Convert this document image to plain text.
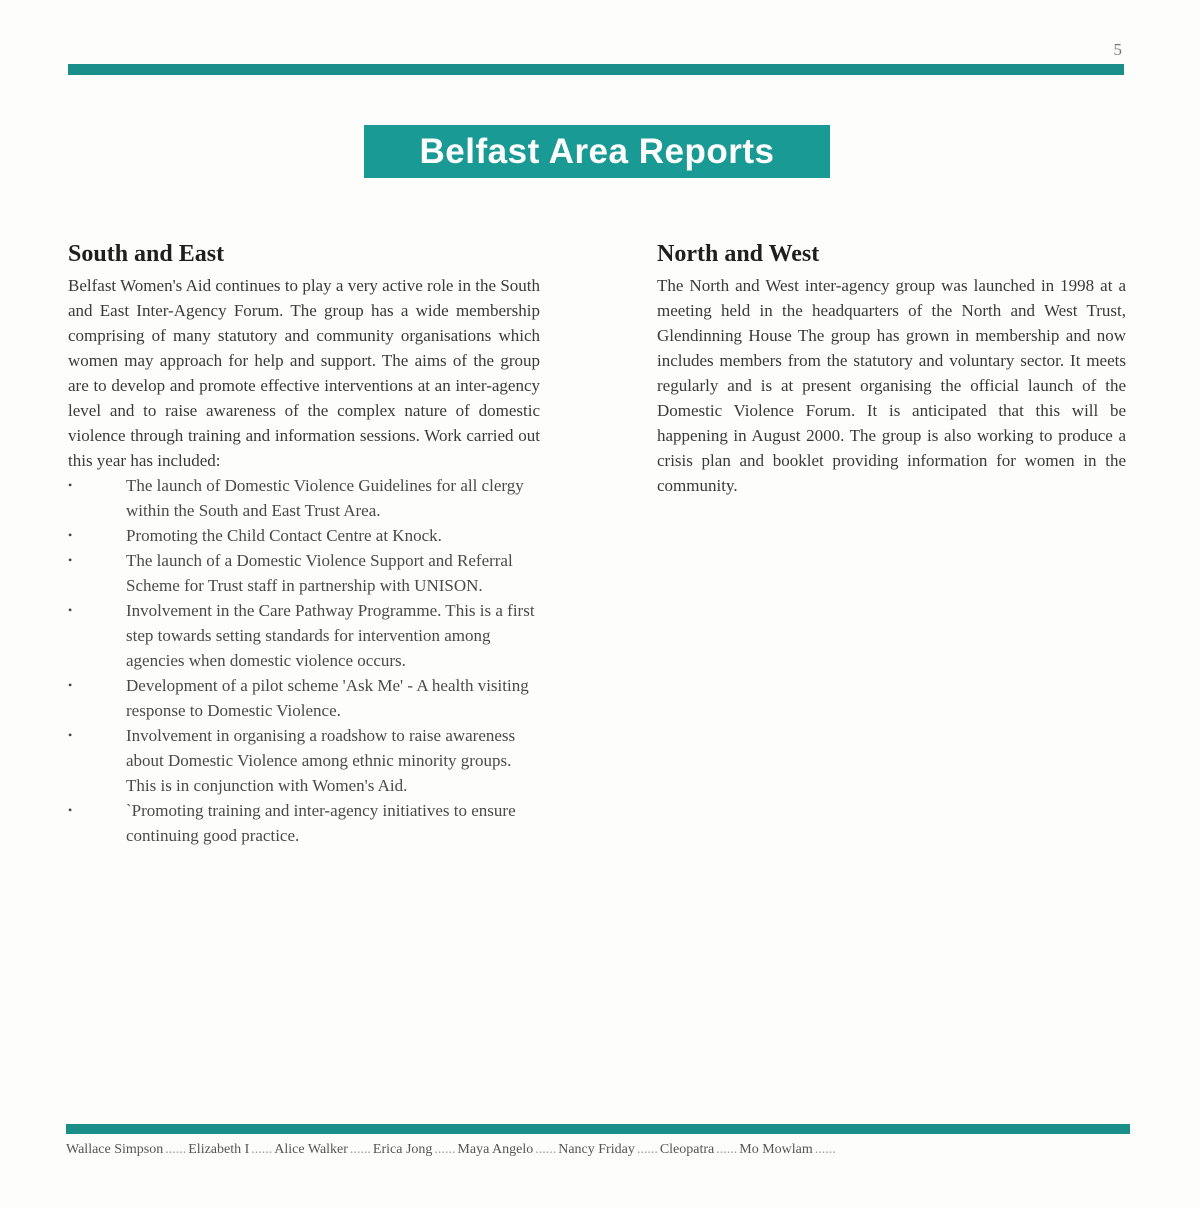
5
Belfast Area Reports
South and East

Belfast Women's Aid continues to play a very active role in the South and East Inter-Agency Forum. The group has a wide membership comprising of many statutory and community organisations which women may approach for help and support. The aims of the group are to develop and promote effective interventions at an inter-agency level and to raise awareness of the complex nature of domestic violence through training and information sessions. Work carried out this year has included:

•	The launch of Domestic Violence Guidelines for all clergy within the South and East Trust Area.
•	Promoting the Child Contact Centre at Knock.
•	The launch of a Domestic Violence Support and Referral Scheme for Trust staff in partnership with UNISON.
•	Involvement in the Care Pathway Programme. This is a first step towards setting standards for intervention among agencies when domestic violence occurs.
•	Development of a pilot scheme 'Ask Me' - A health visiting response to Domestic Violence.
•	Involvement in organising a roadshow to raise awareness about Domestic Violence among ethnic minority groups. This is in conjunction with Women's Aid.
•	`Promoting training and inter-agency initiatives to ensure continuing good practice.
North and West

The North and West inter-agency group was launched in 1998 at a meeting held in the headquarters of the North and West Trust, Glendinning House The group has grown in membership and now includes members from the statutory and voluntary sector. It meets regularly and is at present organising the official launch of the Domestic Violence Forum. It is anticipated that this will be happening in August 2000. The group is also working to produce a crisis plan and booklet providing information for women in the community.

Wallace Simpson ...... Elizabeth I ...... Alice Walker ...... Erica Jong ...... Maya Angelo ...... Nancy Friday ...... Cleopatra ...... Mo Mowlam ......
